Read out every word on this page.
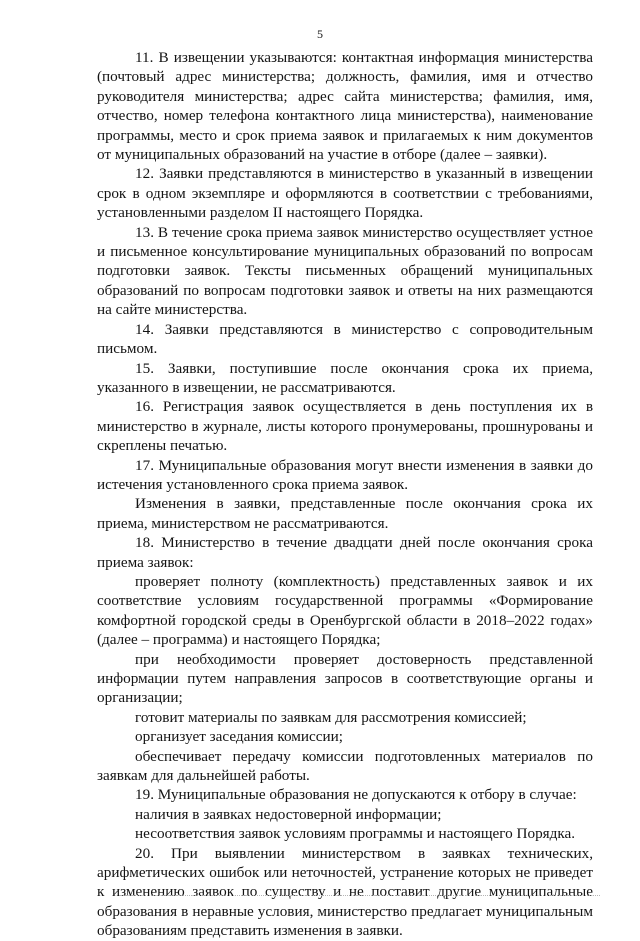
5

11. В извещении указываются: контактная информация министерства (почтовый адрес министерства; должность, фамилия, имя и отчество руководителя министерства; адрес сайта министерства; фамилия, имя, отчество, номер телефона контактного лица министерства), наименование программы, место и срок приема заявок и прилагаемых к ним документов от муниципальных образований на участие в отборе (далее – заявки).

12. Заявки представляются в министерство в указанный в извещении срок в одном экземпляре и оформляются в соответствии с требованиями, установленными разделом II настоящего Порядка.

13. В течение срока приема заявок министерство осуществляет устное и письменное консультирование муниципальных образований по вопросам подготовки заявок. Тексты письменных обращений муниципальных образований по вопросам подготовки заявок и ответы на них размещаются на сайте министерства.

14. Заявки представляются в министерство с сопроводительным письмом.

15. Заявки, поступившие после окончания срока их приема, указанного в извещении, не рассматриваются.

16. Регистрация заявок осуществляется в день поступления их в министерство в журнале, листы которого пронумерованы, прошнурованы и скреплены печатью.

17. Муниципальные образования могут внести изменения в заявки до истечения установленного срока приема заявок.

Изменения в заявки, представленные после окончания срока их приема, министерством не рассматриваются.

18. Министерство в течение двадцати дней после окончания срока приема заявок:

проверяет полноту (комплектность) представленных заявок и их соответствие условиям государственной программы «Формирование комфортной городской среды в Оренбургской области в 2018–2022 годах» (далее – программа) и настоящего Порядка;

при необходимости проверяет достоверность представленной информации путем направления запросов в соответствующие органы и организации;

готовит материалы по заявкам для рассмотрения комиссией;

организует заседания комиссии;

обеспечивает передачу комиссии подготовленных материалов по заявкам для дальнейшей работы.

19. Муниципальные образования не допускаются к отбору в случае:

наличия в заявках недостоверной информации;

несоответствия заявок условиям программы и настоящего Порядка.

20. При выявлении министерством в заявках технических, арифметических ошибок или неточностей, устранение которых не приведет к изменению заявок по существу и не поставит другие муниципальные образования в неравные условия, министерство предлагает муниципальным образованиям представить изменения в заявки.
